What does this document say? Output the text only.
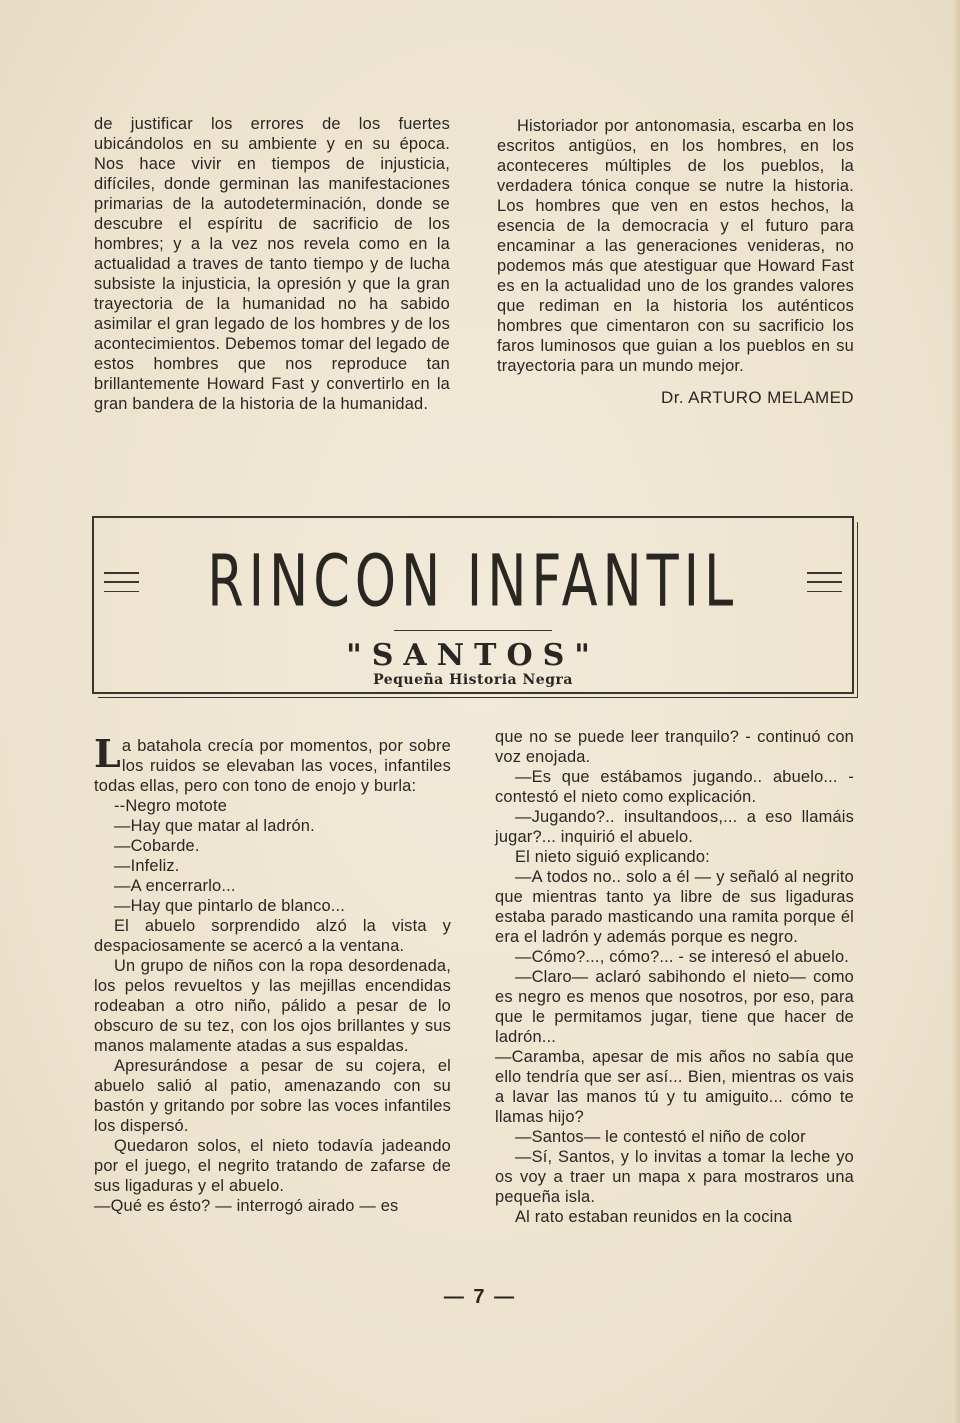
de justificar los errores de los fuertes ubicándolos en su ambiente y en su época. Nos hace vivir en tiempos de injusticia, difíciles, donde germinan las manifestaciones primarias de la autodeterminación, donde se descubre el espíritu de sacrificio de los hombres; y a la vez nos revela como en la actualidad a traves de tanto tiempo y de lucha subsiste la injusticia, la opresión y que la gran trayectoria de la humanidad no ha sabido asimilar el gran legado de los hombres y de los acontecimientos. Debemos tomar del legado de estos hombres que nos reproduce tan brillantemente Howard Fast y convertirlo en la gran bandera de la historia de la humanidad.

Historiador por antonomasia, escarba en los escritos antigüos, en los hombres, en los aconteceres múltiples de los pueblos, la verdadera tónica conque se nutre la historia. Los hombres que ven en estos hechos, la esencia de la democracia y el futuro para encaminar a las generaciones venideras, no podemos más que atestiguar que Howard Fast es en la actualidad uno de los grandes valores que rediman en la historia los auténticos hombres que cimentaron con su sacrificio los faros luminosos que guian a los pueblos en su trayectoria para un mundo mejor.

Dr. ARTURO MELAMED

RINCON INFANTIL
"SANTOS"
Pequeña Historia Negra

La batahola crecía por momentos, por sobre los ruidos se elevaban las voces, infantiles todas ellas, pero con tono de enojo y burla:

--Negro motote

—Hay que matar al ladrón.

—Cobarde.

—Infeliz.

—A encerrarlo...

—Hay que pintarlo de blanco...

El abuelo sorprendido alzó la vista y despaciosamente se acercó a la ventana.

Un grupo de niños con la ropa desordenada, los pelos revueltos y las mejillas encendidas rodeaban a otro niño, pálido a pesar de lo obscuro de su tez, con los ojos brillantes y sus manos malamente atadas a sus espaldas.

Apresurándose a pesar de su cojera, el abuelo salió al patio, amenazando con su bastón y gritando por sobre las voces infantiles los dispersó.

Quedaron solos, el nieto todavía jadeando por el juego, el negrito tratando de zafarse de sus ligaduras y el abuelo.

—Qué es ésto? — interrogó airado — es

que no se puede leer tranquilo? - continuó con voz enojada.

—Es que estábamos jugando.. abuelo... - contestó el nieto como explicación.

—Jugando?.. insultandoos,... a eso llamáis jugar?... inquirió el abuelo.

El nieto siguió explicando:

—A todos no.. solo a él — y señaló al negrito que mientras tanto ya libre de sus ligaduras estaba parado masticando una ramita porque él era el ladrón y además porque es negro.

—Cómo?..., cómo?... - se interesó el abuelo.

—Claro— aclaró sabihondo el nieto— como es negro es menos que nosotros, por eso, para que le permitamos jugar, tiene que hacer de ladrón...

—Caramba, apesar de mis años no sabía que ello tendría que ser así... Bien, mientras os vais a lavar las manos tú y tu amiguito... cómo te llamas hijo?

—Santos— le contestó el niño de color

—Sí, Santos, y lo invitas a tomar la leche yo os voy a traer un mapa x para mostraros una pequeña isla.

Al rato estaban reunidos en la cocina

— 7 —
